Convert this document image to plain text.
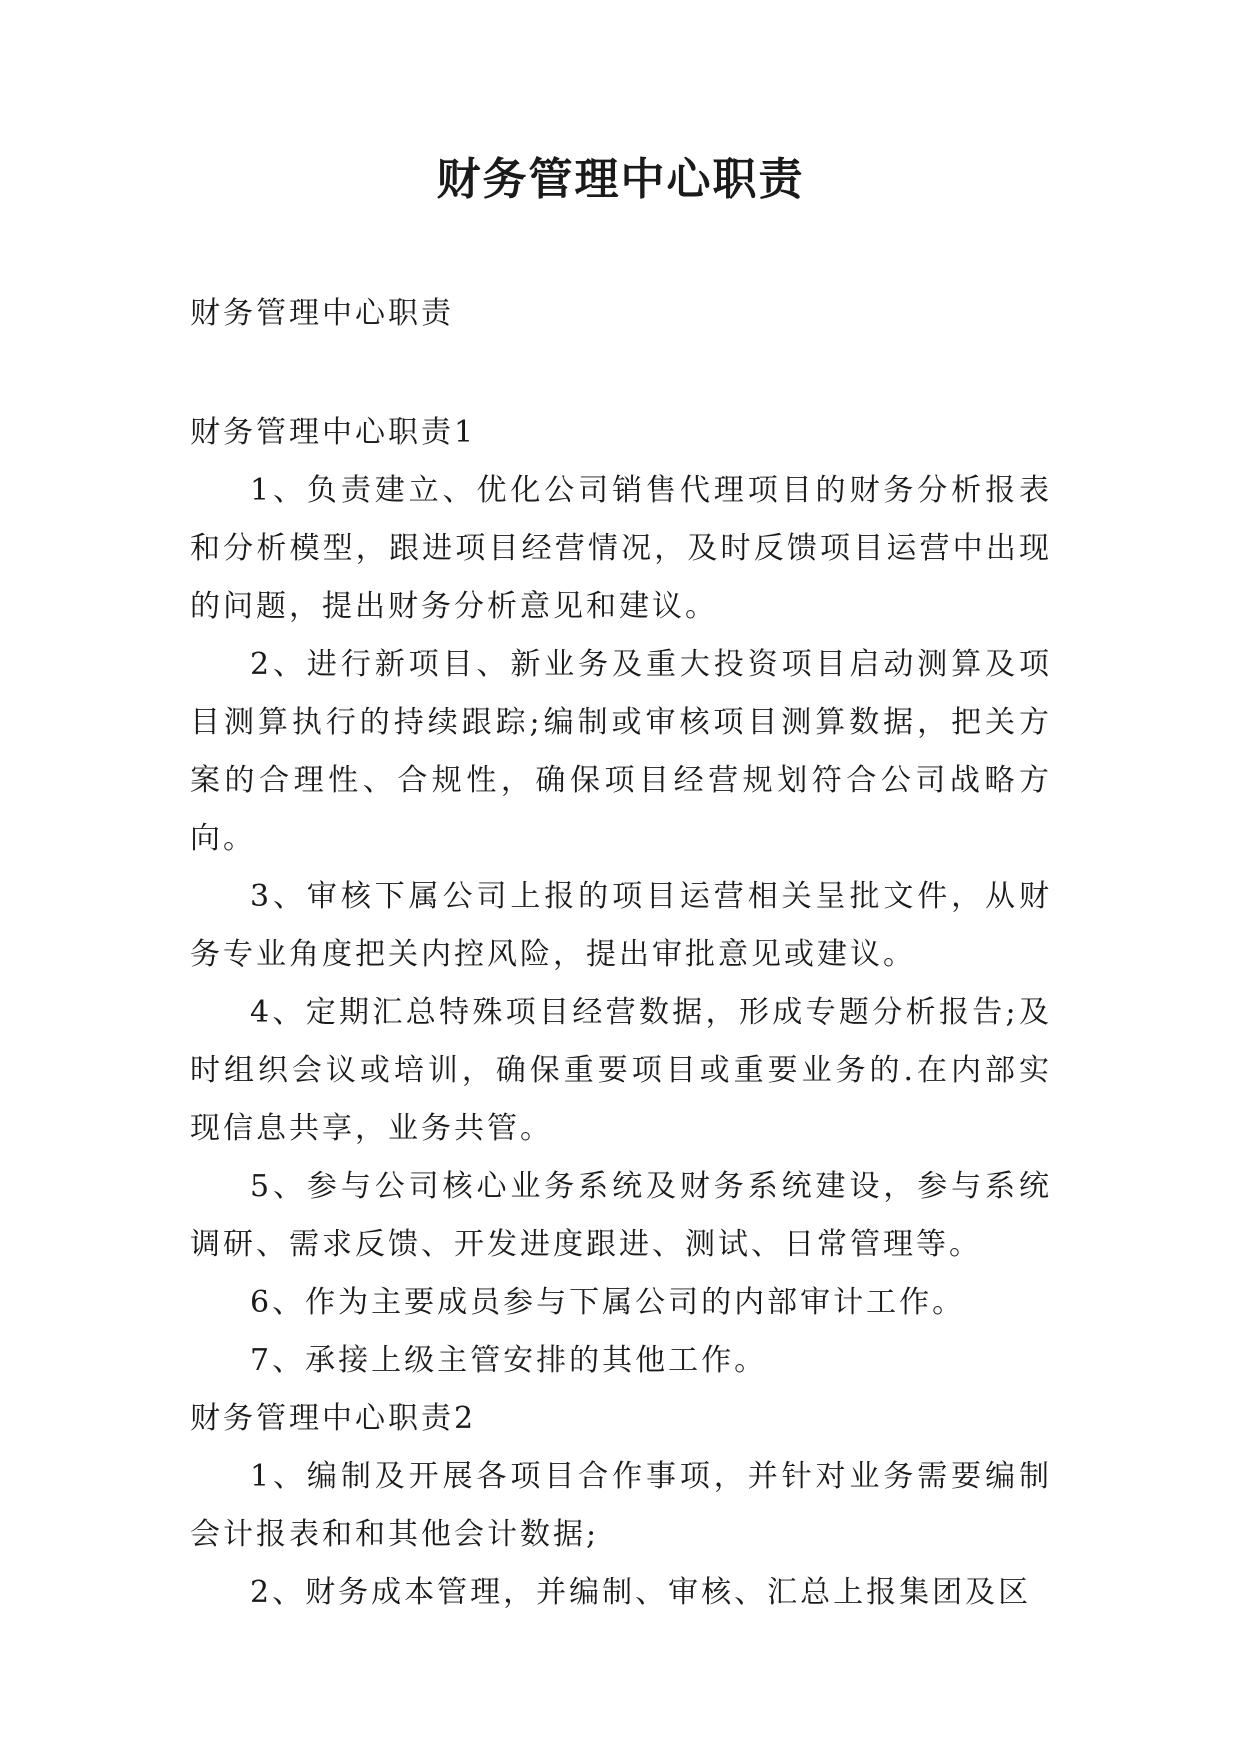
财务管理中心职责

财务管理中心职责

财务管理中心职责1

1、负责建立、优化公司销售代理项目的财务分析报表和分析模型，跟进项目经营情况，及时反馈项目运营中出现的问题，提出财务分析意见和建议。

2、进行新项目、新业务及重大投资项目启动测算及项目测算执行的持续跟踪;编制或审核项目测算数据，把关方案的合理性、合规性，确保项目经营规划符合公司战略方向。

3、审核下属公司上报的项目运营相关呈批文件，从财务专业角度把关内控风险，提出审批意见或建议。

4、定期汇总特殊项目经营数据，形成专题分析报告;及时组织会议或培训，确保重要项目或重要业务的.在内部实现信息共享，业务共管。

5、参与公司核心业务系统及财务系统建设，参与系统调研、需求反馈、开发进度跟进、测试、日常管理等。

6、作为主要成员参与下属公司的内部审计工作。

7、承接上级主管安排的其他工作。

财务管理中心职责2

1、编制及开展各项目合作事项，并针对业务需要编制会计报表和和其他会计数据;

2、财务成本管理，并编制、审核、汇总上报集团及区
